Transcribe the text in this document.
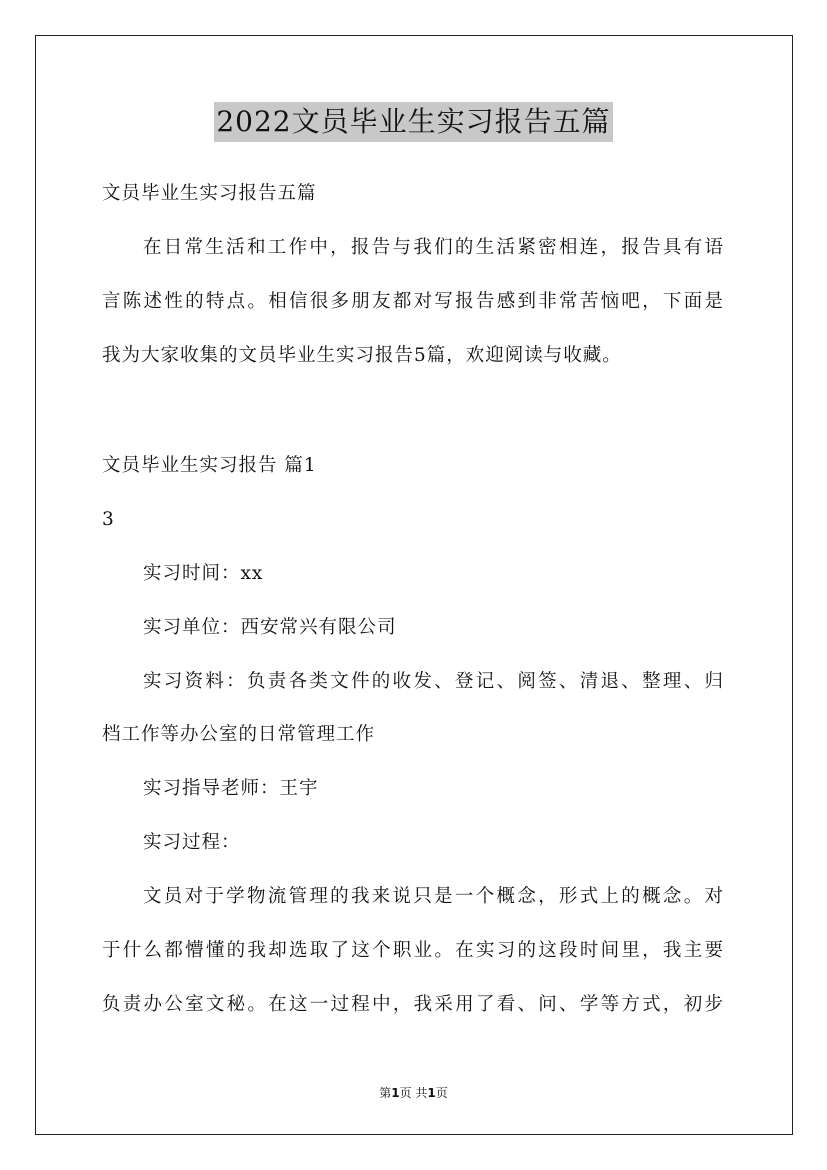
2022文员毕业生实习报告五篇
文员毕业生实习报告五篇
在日常生活和工作中，报告与我们的生活紧密相连，报告具有语
言陈述性的特点。相信很多朋友都对写报告感到非常苦恼吧，下面是
我为大家收集的文员毕业生实习报告5篇，欢迎阅读与收藏。
文员毕业生实习报告 篇1
3
实习时间：xx
实习单位：西安常兴有限公司
实习资料：负责各类文件的收发、登记、阅签、清退、整理、归
档工作等办公室的日常管理工作
实习指导老师：王宇
实习过程：
文员对于学物流管理的我来说只是一个概念，形式上的概念。对
于什么都懵懂的我却选取了这个职业。在实习的这段时间里，我主要
负责办公室文秘。在这一过程中，我采用了看、问、学等方式，初步
第1页 共1页
